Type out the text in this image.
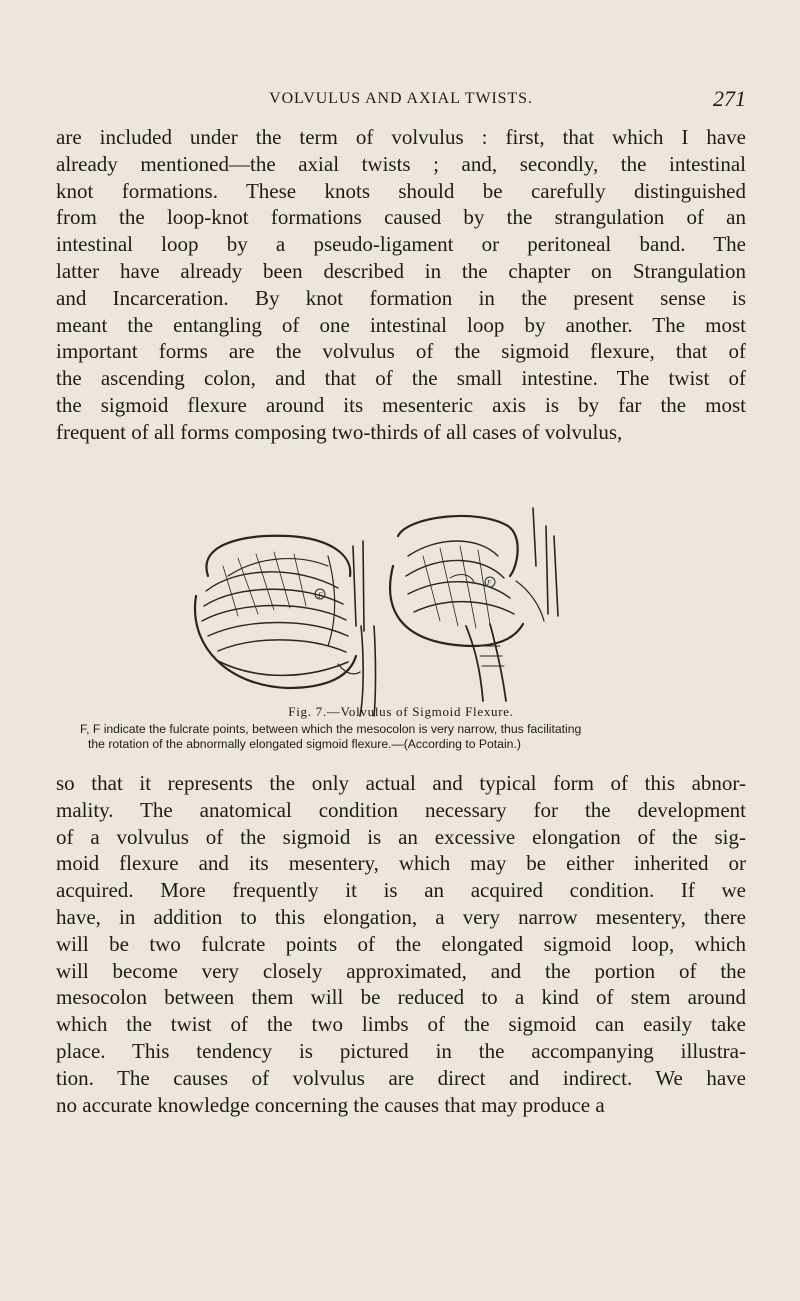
VOLVULUS AND AXIAL TWISTS.	271

are included under the term of volvulus : first, that which I have
already mentioned—the axial twists ; and, secondly, the intestinal
knot formations. These knots should be carefully distinguished
from the loop-knot formations caused by the strangulation of an
intestinal loop by a pseudo-ligament or peritoneal band. The
latter have already been described in the chapter on Strangulation
and Incarceration. By knot formation in the present sense is
meant the entangling of one intestinal loop by another. The most
important forms are the volvulus of the sigmoid flexure, that of
the ascending colon, and that of the small intestine. The twist of
the sigmoid flexure around its mesenteric axis is by far the most
frequent of all forms composing two-thirds of all cases of volvulus,

F
F
Fig. 7.—Volvulus of Sigmoid Flexure.
F, F indicate the fulcrate points, between which the mesocolon is very narrow, thus facilitating
the rotation of the abnormally elongated sigmoid flexure.—(According to Potain.)

so that it represents the only actual and typical form of this abnor-
mality. The anatomical condition necessary for the development
of a volvulus of the sigmoid is an excessive elongation of the sig-
moid flexure and its mesentery, which may be either inherited or
acquired. More frequently it is an acquired condition. If we
have, in addition to this elongation, a very narrow mesentery, there
will be two fulcrate points of the elongated sigmoid loop, which
will become very closely approximated, and the portion of the
mesocolon between them will be reduced to a kind of stem around
which the twist of the two limbs of the sigmoid can easily take
place. This tendency is pictured in the accompanying illustra-
tion. The causes of volvulus are direct and indirect. We have
no accurate knowledge concerning the causes that may produce a
